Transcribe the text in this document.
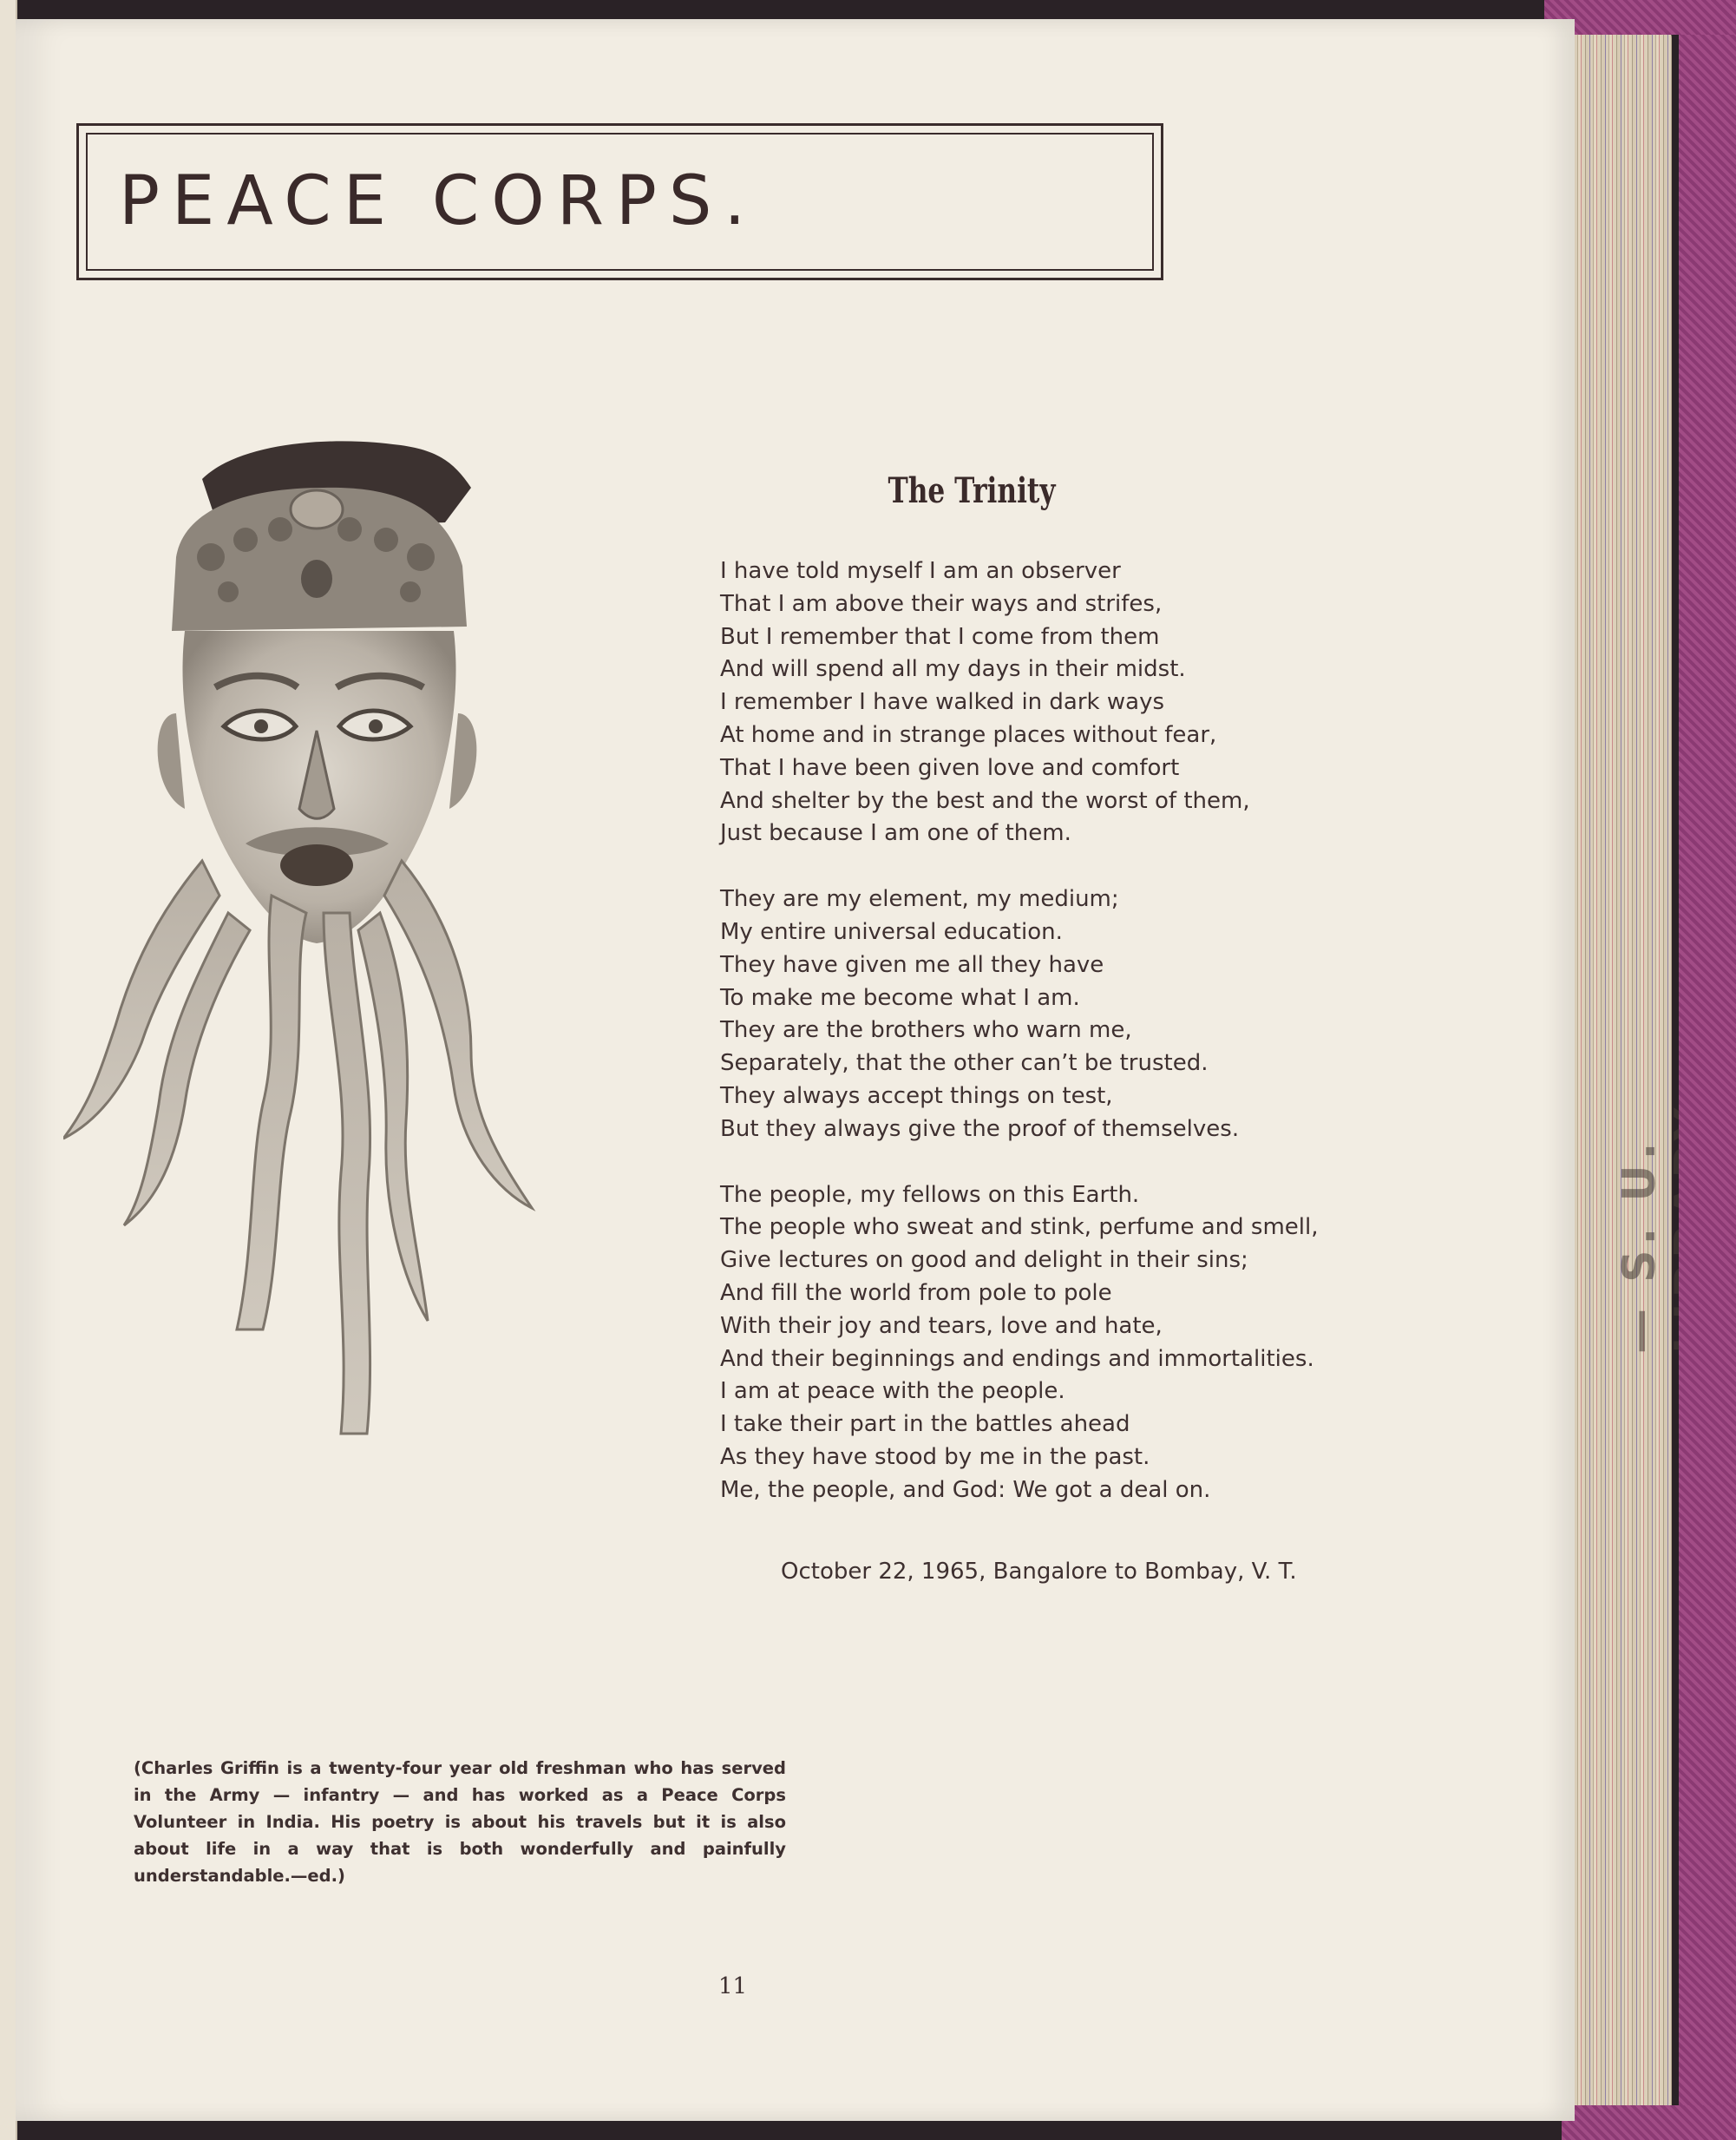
— S. U.
PEACE CORPS.
The Trinity
I have told myself I am an observer
That I am above their ways and strifes,
But I remember that I come from them
And will spend all my days in their midst.
I remember I have walked in dark ways
At home and in strange places without fear,
That I have been given love and comfort
And shelter by the best and the worst of them,
Just because I am one of them.
They are my element, my medium;
My entire universal education.
They have given me all they have
To make me become what I am.
They are the brothers who warn me,
Separately, that the other can’t be trusted.
They always accept things on test,
But they always give the proof of themselves.
The people, my fellows on this Earth.
The people who sweat and stink, perfume and smell,
Give lectures on good and delight in their sins;
And fill the world from pole to pole
With their joy and tears, love and hate,
And their beginnings and endings and immortalities.
I am at peace with the people.
I take their part in the battles ahead
As they have stood by me in the past.
Me, the people, and God: We got a deal on.
October 22, 1965, Bangalore to Bombay, V. T.
(Charles Griffin is a twenty-four year old freshman who has served in the Army — infantry — and has worked as a Peace Corps Volunteer in India. His poetry is about his travels but it is also about life in a way that is both wonderfully and painfully understandable.—ed.)
11
